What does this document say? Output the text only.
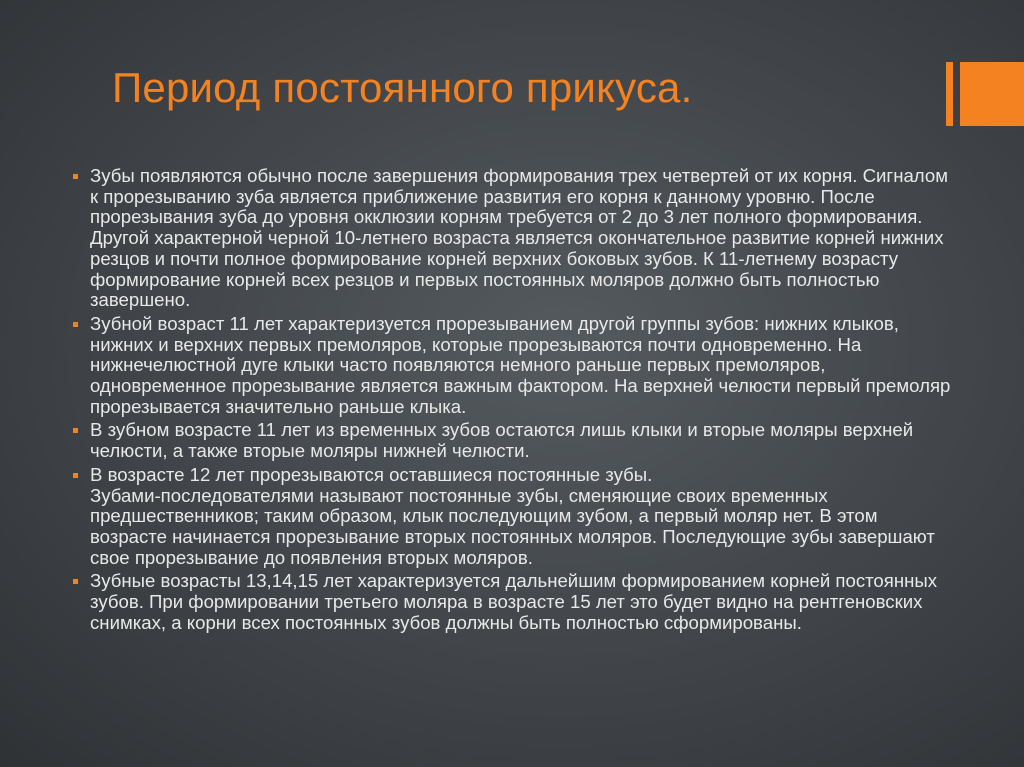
Период постоянного прикуса.
Зубы появляются обычно после завершения формирования трех четвертей от их корня. Сигналом к прорезыванию зуба является приближение развития его корня к данному уровню. После прорезывания зуба до уровня окклюзии корням требуется от 2 до 3 лет полного формирования.
Другой характерной черной 10-летнего возраста является окончательное развитие корней нижних резцов и почти полное формирование корней верхних боковых зубов. К 11-летнему возрасту формирование корней всех резцов и первых постоянных моляров должно быть полностью завершено.
Зубной возраст 11 лет характеризуется прорезыванием другой группы зубов: нижних клыков, нижних и верхних первых премоляров, которые прорезываются почти одновременно. На нижнечелюстной дуге клыки часто появляются немного раньше первых премоляров, одновременное прорезывание является важным фактором. На верхней челюсти первый премоляр прорезывается значительно раньше клыка.
В зубном возрасте 11 лет из временных зубов остаются лишь клыки и вторые моляры верхней челюсти, а также вторые моляры нижней челюсти.
В возрасте 12 лет прорезываются оставшиеся постоянные зубы.
Зубами-последователями называют постоянные зубы, сменяющие своих временных предшественников; таким образом, клык последующим зубом, а первый моляр нет. В этом возрасте начинается прорезывание вторых постоянных моляров. Последующие зубы завершают свое прорезывание до появления вторых моляров.
Зубные возрасты 13,14,15 лет характеризуется дальнейшим формированием корней постоянных зубов. При формировании третьего моляра в возрасте 15 лет это будет видно на рентгеновских снимках, а корни всех постоянных зубов должны быть полностью сформированы.
